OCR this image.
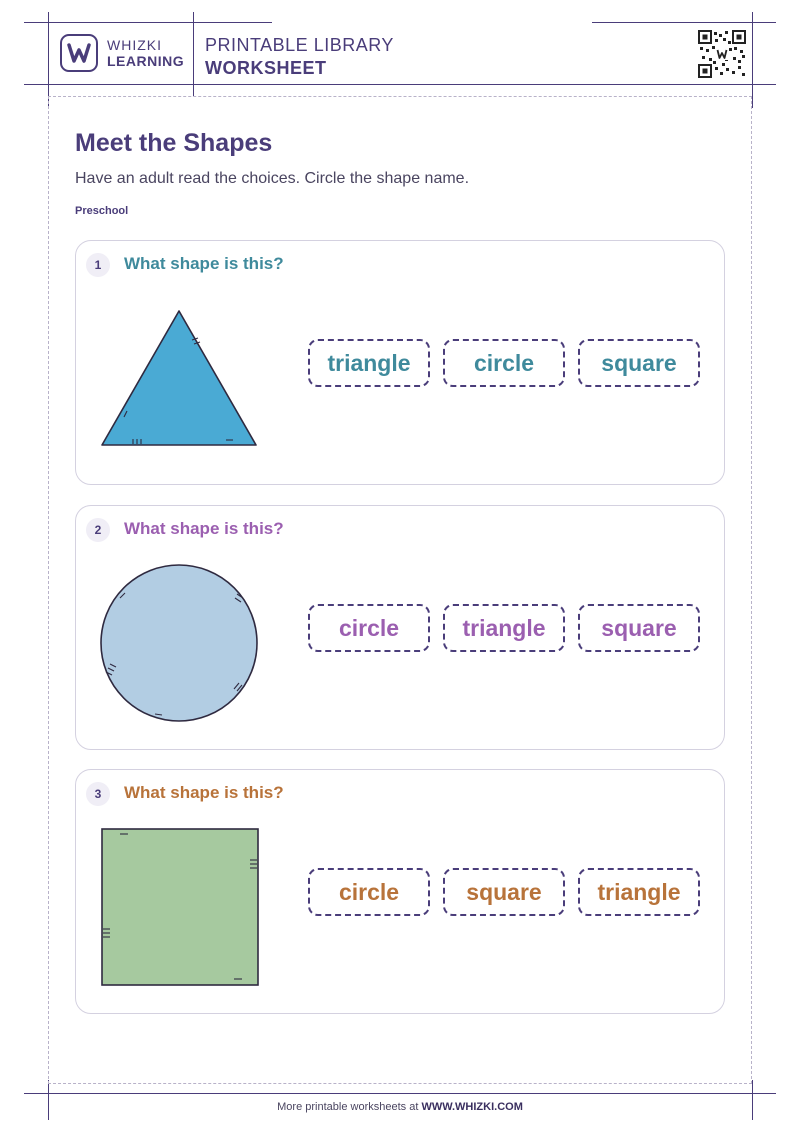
WHIZKI
LEARNING
PRINTABLE LIBRARY
WORKSHEET
Meet the Shapes
Have an adult read the choices. Circle the shape name.
Preschool
1	What shape is this?
triangle	circle	square
2	What shape is this?
circle	triangle	square
3	What shape is this?
circle	square	triangle
More printable worksheets at WWW.WHIZKI.COM
